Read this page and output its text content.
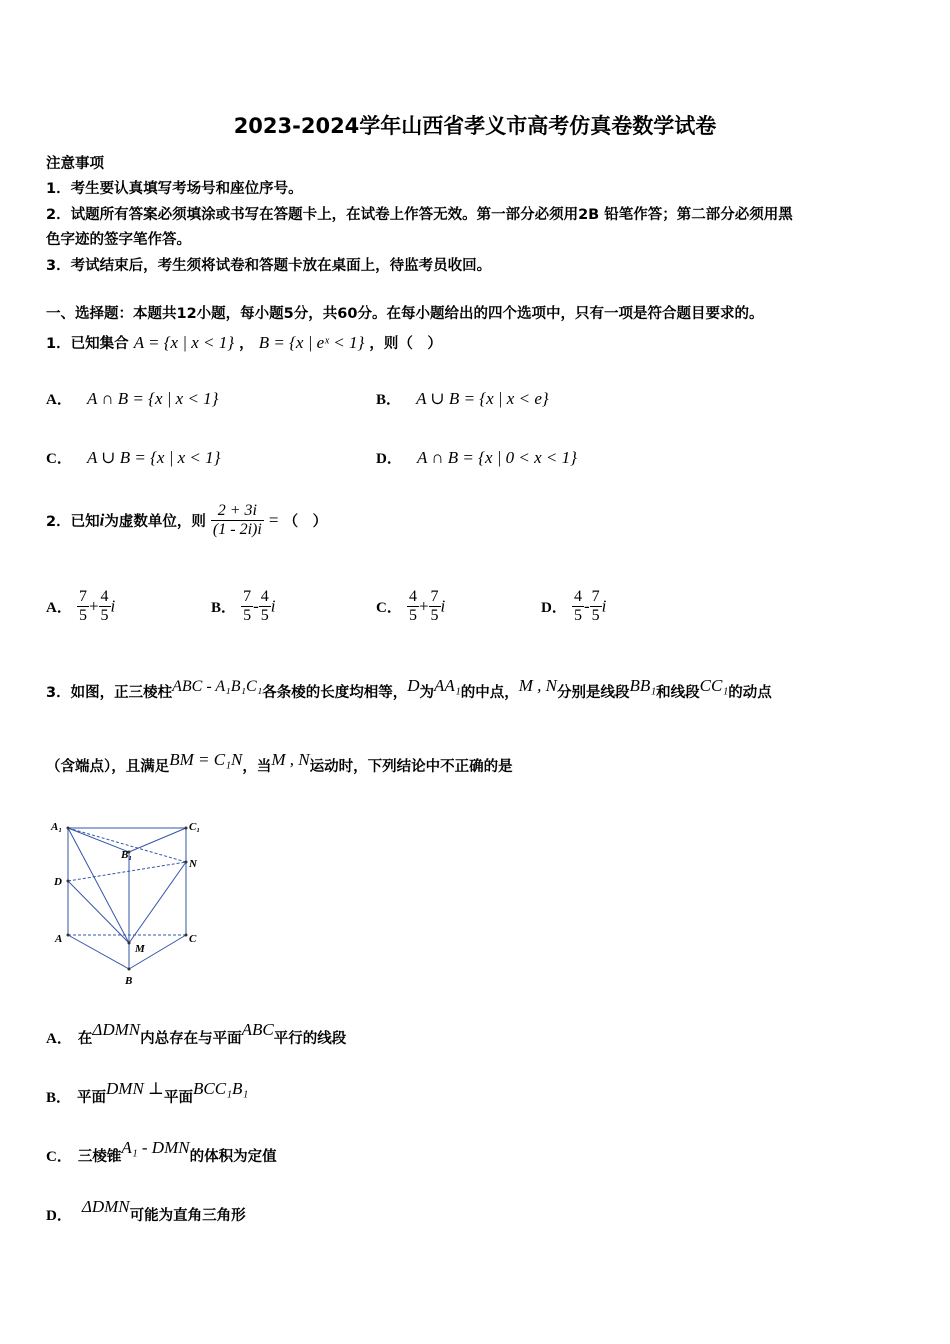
2023-2024学年山西省孝义市高考仿真卷数学试卷
注意事项
1．考生要认真填写考场号和座位序号。
2．试题所有答案必须填涂或书写在答题卡上，在试卷上作答无效。第一部分必须用2B 铅笔作答；第二部分必须用黑
色字迹的签字笔作答。
3．考试结束后，考生须将试卷和答题卡放在桌面上，待监考员收回。
一、选择题：本题共12小题，每小题5分，共60分。在每小题给出的四个选项中，只有一项是符合题目要求的。
1．已知集合 A = {x | x < 1} ， B = {x | eˣ < 1} ，则（　）
A． A ∩ B = {x | x < 1}	B． A ∪ B = {x | x < e}
C． A ∪ B = {x | x < 1}	D． A ∩ B = {x | 0 < x < 1}
2．已知i为虚数单位，则 $\frac{2 + 3i}{(1 - 2i)i}$ = （　）
A． $\frac{7}{5} + \frac{4}{5}$ i	B． $\frac{7}{5} - \frac{4}{5}$ i	C． $\frac{4}{5} + \frac{7}{5}$ i	D． $\frac{4}{5} - \frac{7}{5}$ i
3．如图，正三棱柱ABC - A₁B₁C₁各条棱的长度均相等，D为AA₁的中点，M , N分别是线段BB₁和线段CC₁的动点
（含端点），且满足BM = C₁N，当M , N运动时，下列结论中不正确的是
A₁	C₁
B₁
N
D
A	C
M
B
A． 在ΔDMN内总存在与平面ABC平行的线段
B． 平面DMN ⊥平面BCC₁B₁
C． 三棱锥A₁ - DMN的体积为定值
D． ΔDMN可能为直角三角形
